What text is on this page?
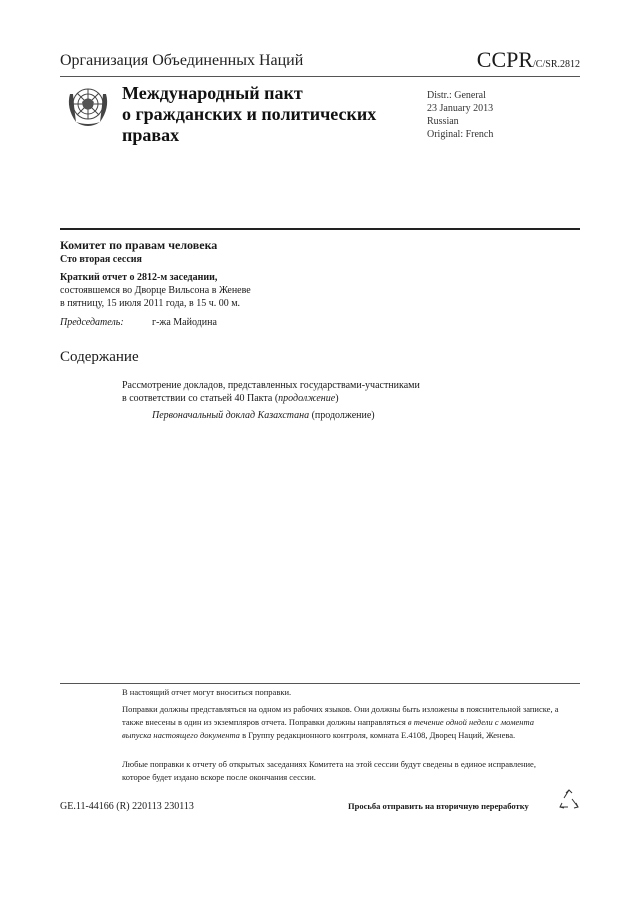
Организация Объединенных Наций	CCPR/C/SR.2812
Международный пакт
о гражданских и политических
правах
Distr.: General
23 January 2013
Russian
Original: French
Комитет по правам человека
Сто вторая сессия
Краткий отчет о 2812-м заседании,
состоявшемся во Дворце Вильсона в Женеве
в пятницу, 15 июля 2011 года, в 15 ч. 00 м.
Председатель:	г-жа Майодина
Содержание
Рассмотрение докладов, представленных государствами-участниками
в соответствии со статьей 40 Пакта (продолжение)
Первоначальный доклад Казахстана (продолжение)
В настоящий отчет могут вноситься поправки.
Поправки должны представляться на одном из рабочих языков. Они должны быть изложены в пояснительной записке, а также внесены в один из экземпляров отчета. Поправки должны направляться в течение одной недели с момента выпуска настоящего документа в Группу редакционного контроля, комната E.4108, Дворец Наций, Женева.
Любые поправки к отчету об открытых заседаниях Комитета на этой сессии будут сведены в единое исправление, которое будет издано вскоре после окончания сессии.
GE.11-44166 (R) 220113 230113	Просьба отправить на вторичную переработку
